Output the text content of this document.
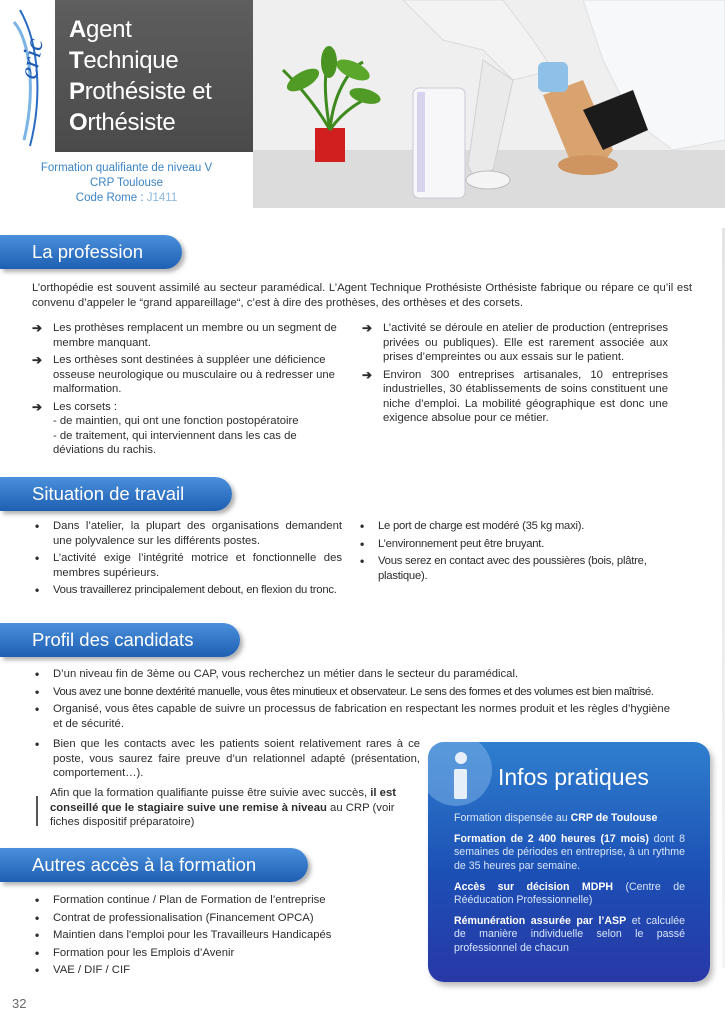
eric
Agent
Technique
Prothésiste et
Orthésiste
Formation qualifiante de niveau V
CRP Toulouse
Code Rome : J1411
La profession
L’orthopédie est souvent assimilé au secteur paramédical. L’Agent Technique Prothésiste Orthésiste fabrique ou répare ce qu’il est convenu d’appeler le “grand appareillage“, c’est à dire des prothèses, des orthèses et des corsets.
➔ Les prothèses remplacent un membre ou un segment de membre manquant.
➔ Les orthèses sont destinées à suppléer une déficience osseuse neurologique ou musculaire ou à redresser une malformation.
➔ Les corsets :
- de maintien, qui ont une fonction postopératoire
- de traitement, qui interviennent dans les cas de déviations du rachis.
➔ L’activité se déroule en atelier de production (entreprises privées ou publiques). Elle est rarement associée aux prises d’empreintes ou aux essais sur le patient.
➔ Environ 300 entreprises artisanales, 10 entreprises industrielles, 30 établissements de soins constituent une niche d’emploi. La mobilité géographique est donc une exigence absolue pour ce métier.
Situation de travail
• Dans l’atelier, la plupart des organisations demandent une polyvalence sur les différents postes.
• L’activité exige l’intégrité motrice et fonctionnelle des membres supérieurs.
• Vous travaillerez principalement debout, en flexion du tronc.
• Le port de charge est modéré (35 kg maxi).
• L’environnement peut être bruyant.
• Vous serez en contact avec des poussières (bois, plâtre, plastique).
Profil des candidats
• D’un niveau fin de 3ème ou CAP, vous recherchez un métier dans le secteur du paramédical.
• Vous avez une bonne dextérité manuelle, vous êtes minutieux et observateur. Le sens des formes et des volumes est bien maîtrisé.
• Organisé, vous êtes capable de suivre un processus de fabrication en respectant les normes produit et les règles d’hygiène et de sécurité.
• Bien que les contacts avec les patients soient relativement rares à ce poste, vous saurez faire preuve d’un relationnel adapté (présentation, comportement…).
Afin que la formation qualifiante puisse être suivie avec succès, il est conseillé que le stagiaire suive une remise à niveau au CRP (voir fiches dispositif préparatoire)
Autres accès à la formation
• Formation continue / Plan de Formation de l’entreprise
• Contrat de professionalisation (Financement OPCA)
• Maintien dans l'emploi pour les Travailleurs Handicapés
• Formation pour les Emplois d’Avenir
• VAE / DIF / CIF
Infos pratiques

Formation dispensée au CRP de Toulouse

Formation de 2 400 heures (17 mois) dont 8 semaines de périodes en entreprise, à un rythme de 35 heures par semaine.

Accès sur décision MDPH (Centre de Rééducation Professionnelle)

Rémunération assurée par l’ASP et calculée de manière individuelle selon le passé professionnel de chacun

32
